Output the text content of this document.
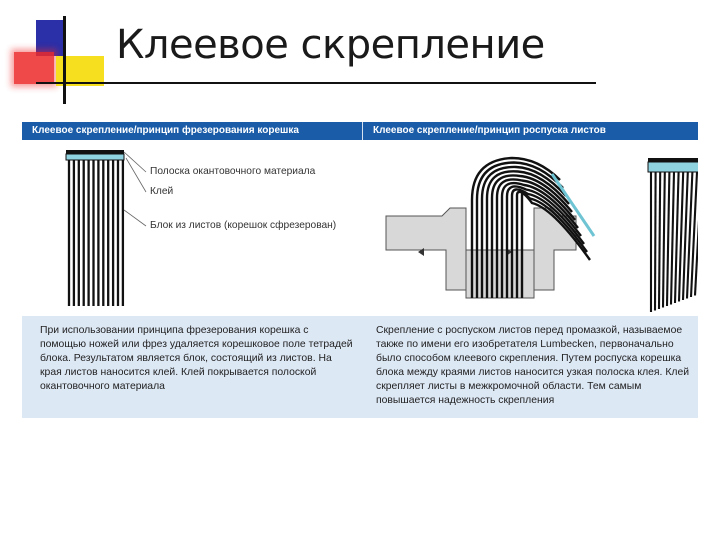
Клеевое скрепление
Клеевое скрепление/принцип фрезерования корешка	Клеевое скрепление/принцип роспуска листов
Полоска окантовочного материала
Клей
Блок из листов (корешок сфрезерован)

При использовании принципа фрезерования корешка с помощью ножей или фрез удаляется корешковое поле тетрадей блока. Результатом является блок, состоящий из листов. На края листов наносится клей. Клей покрывается полоской окантовочного материала

Скрепление с роспуском листов перед промазкой, называемое также по имени его изобретателя Lumbecken, первоначально было способом клеевого скрепления. Путем роспуска корешка блока между краями листов наносится узкая полоска клея. Клей скрепляет листы в межкромочной области. Тем самым повышается надежность скрепления
